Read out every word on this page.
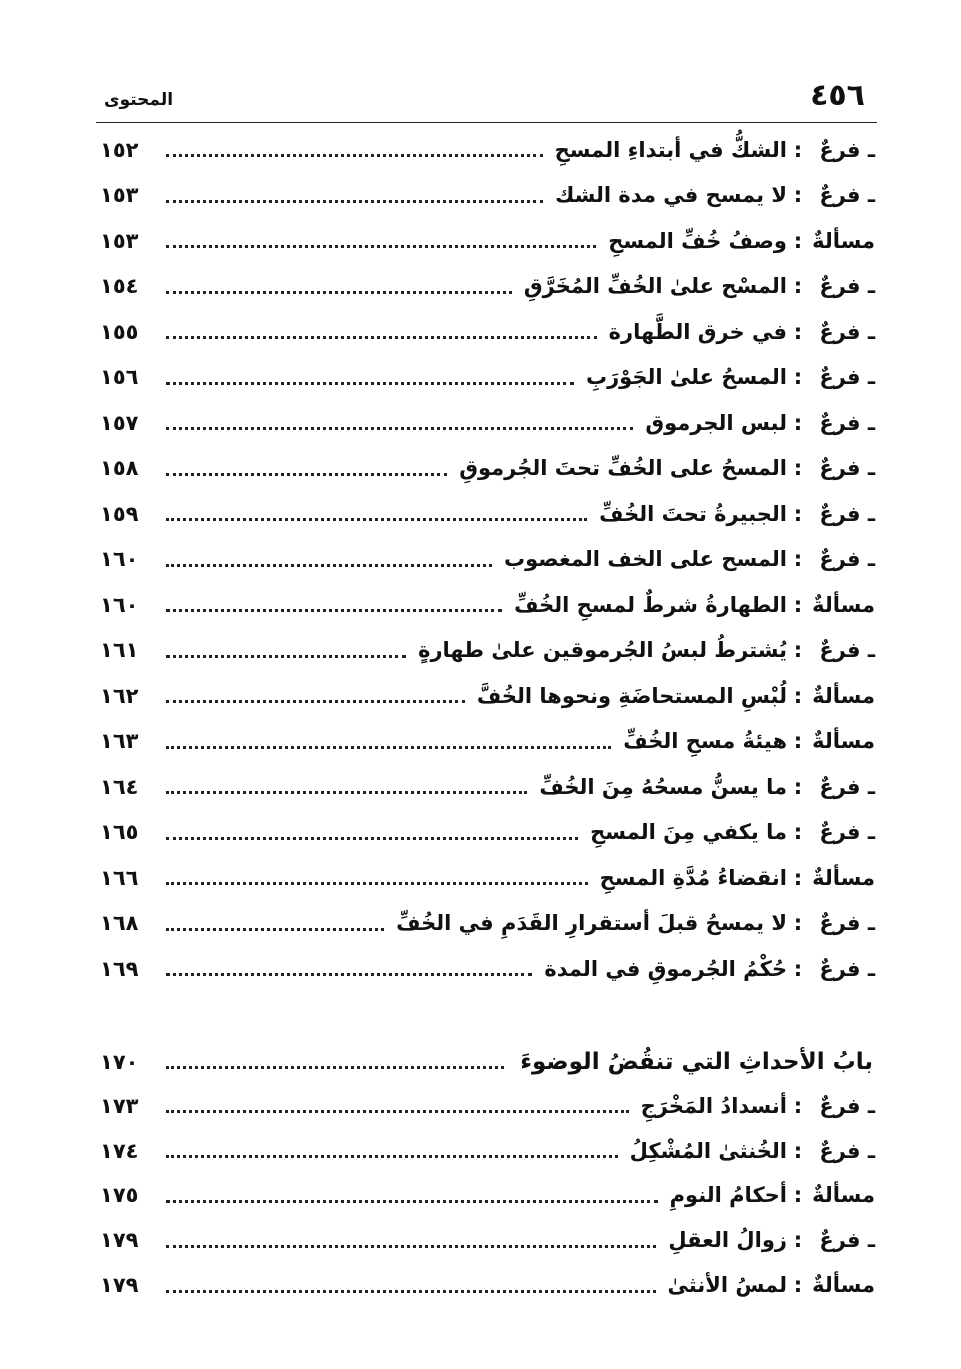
٤٥٦
المحتوى
ـ فرعٌ
:
الشكُّ في أبتداءِ المسحِ
١٥٢
ـ فرعٌ
:
لا يمسح في مدة الشك
١٥٣
مسألةٌ
:
وصفُ خُفِّ المسحِ
١٥٣
ـ فرعٌ
:
المسْح علىٰ الخُفِّ المُخَرَّقِ
١٥٤
ـ فرعٌ
:
في خرق الطَّهارة
١٥٥
ـ فرعٌ
:
المسحُ علىٰ الجَوْرَبِ
١٥٦
ـ فرعٌ
:
لبس الجرموق
١٥٧
ـ فرعٌ
:
المسحُ على الخُفِّ تحتَ الجُرموقِ
١٥٨
ـ فرعٌ
:
الجبيرةُ تحتَ الخُفِّ
١٥٩
ـ فرعٌ
:
المسح على الخف المغصوب
١٦٠
مسألةٌ
:
الطهارةُ شرطٌ لمسحِ الخُفِّ
١٦٠
ـ فرعٌ
:
يُشترطُ لبسُ الجُرموقين علىٰ طهارةٍ
١٦١
مسألةٌ
:
لُبْسِ المستحاضَةِ ونحوها الخُفَّ
١٦٢
مسألةٌ
:
هيئةُ مسحِ الخُفِّ
١٦٣
ـ فرعٌ
:
ما يسنُّ مسحُهُ مِنَ الخُفِّ
١٦٤
ـ فرعٌ
:
ما يكفي مِنَ المسحِ
١٦٥
مسألةٌ
:
انقضاءُ مُدَّةِ المسحِ
١٦٦
ـ فرعٌ
:
لا يمسحُ قبلَ أستقرارِ القَدَمِ في الخُفِّ
١٦٨
ـ فرعٌ
:
حُكْمُ الجُرموقِ في المدة
١٦٩
بابُ الأحداثِ التي تنقُضُ الوضوءَ
١٧٠
ـ فرعٌ
:
أنسدادُ المَخْرَجِ
١٧٣
ـ فرعٌ
:
الخُنثىٰ المُشْكِلُ
١٧٤
مسألةٌ
:
أحكامُ النومِ
١٧٥
ـ فرعٌ
:
زوالُ العقلِ
١٧٩
مسألةٌ
:
لمسُ الأنثىٰ
١٧٩
